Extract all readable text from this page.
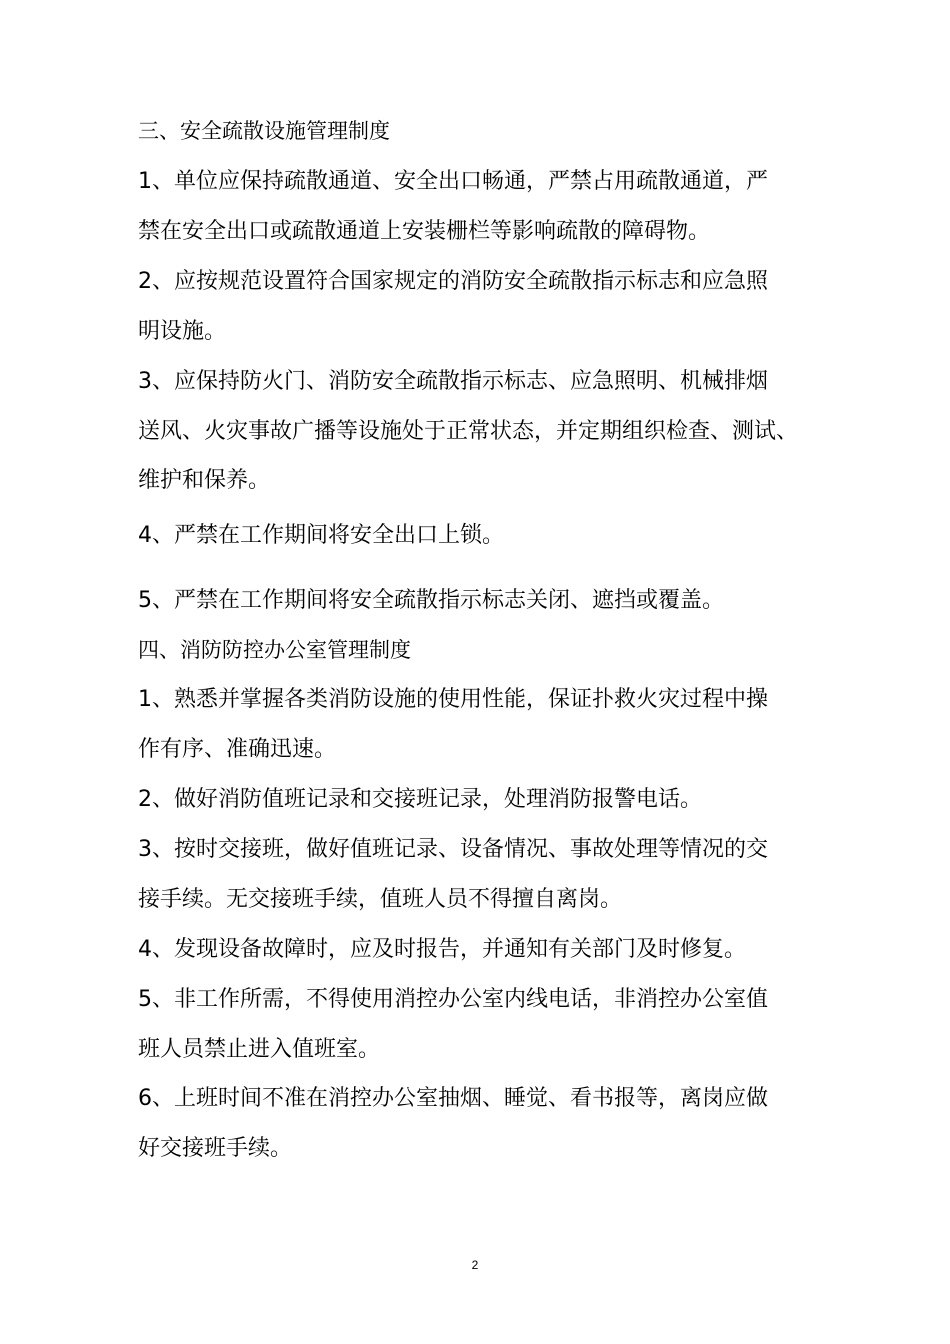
三、安全疏散设施管理制度

1、单位应保持疏散通道、安全出口畅通，严禁占用疏散通道，严

禁在安全出口或疏散通道上安装栅栏等影响疏散的障碍物。

2、应按规范设置符合国家规定的消防安全疏散指示标志和应急照

明设施。

3、应保持防火门、消防安全疏散指示标志、应急照明、机械排烟

送风、火灾事故广播等设施处于正常状态，并定期组织检查、测试、

维护和保养。

4、严禁在工作期间将安全出口上锁。

5、严禁在工作期间将安全疏散指示标志关闭、遮挡或覆盖。

四、消防防控办公室管理制度

1、熟悉并掌握各类消防设施的使用性能，保证扑救火灾过程中操

作有序、准确迅速。

2、做好消防值班记录和交接班记录，处理消防报警电话。

3、按时交接班，做好值班记录、设备情况、事故处理等情况的交

接手续。无交接班手续，值班人员不得擅自离岗。

4、发现设备故障时，应及时报告，并通知有关部门及时修复。

5、非工作所需，不得使用消控办公室内线电话，非消控办公室值

班人员禁止进入值班室。

6、上班时间不准在消控办公室抽烟、睡觉、看书报等，离岗应做

好交接班手续。

2
